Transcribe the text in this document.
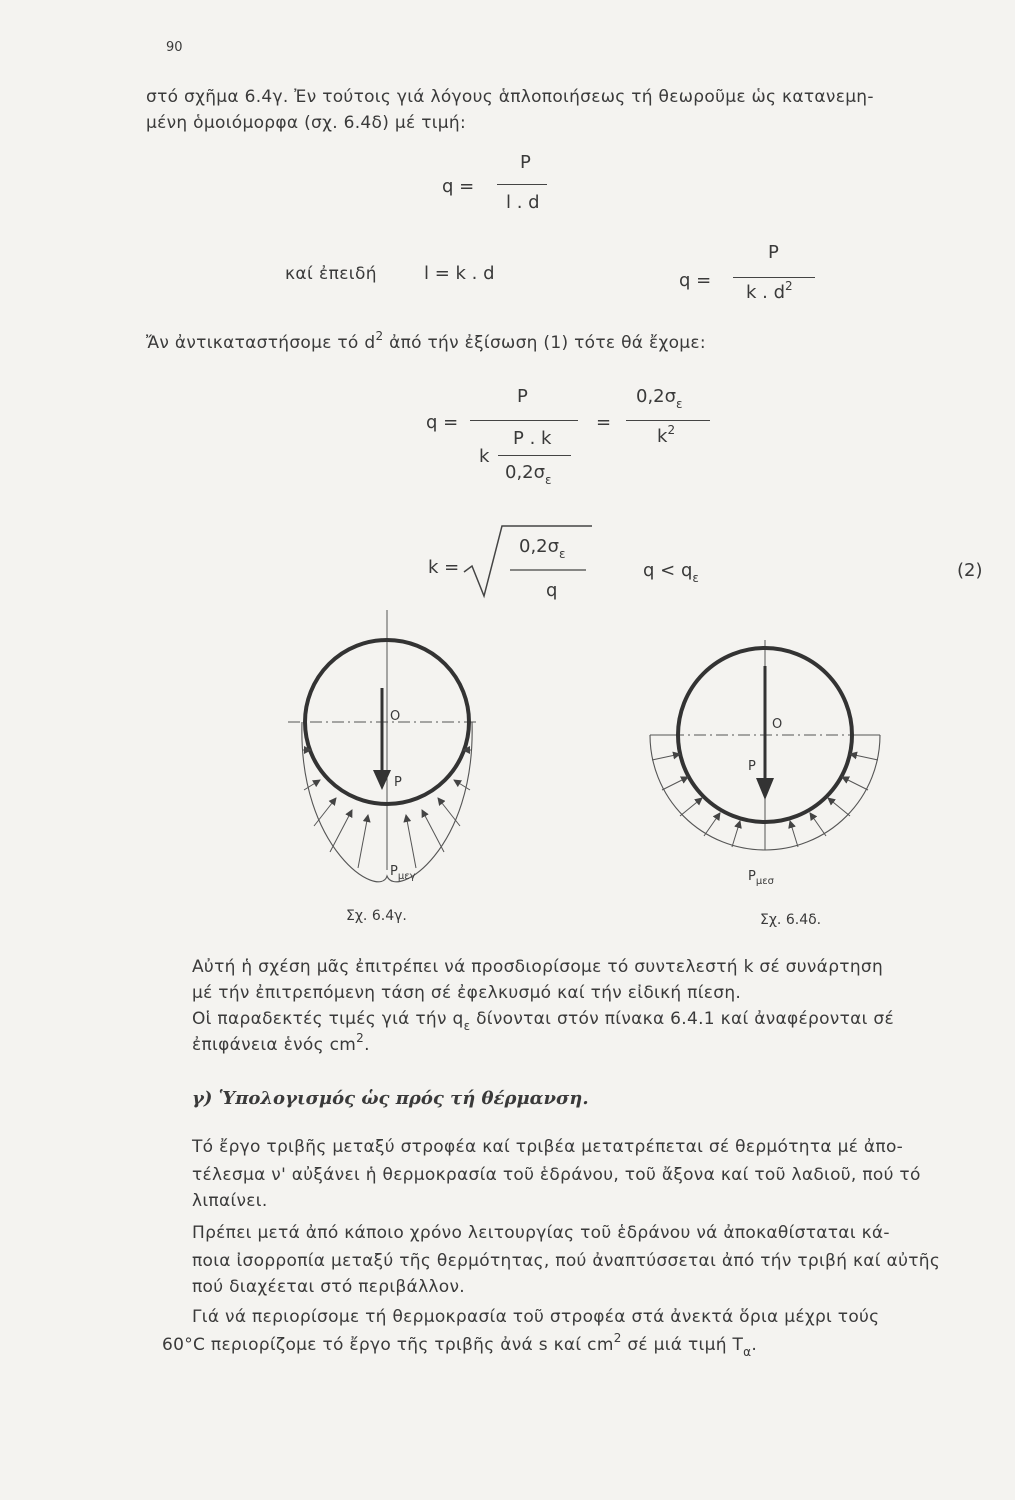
90
στό σχῆμα 6.4γ. Ἐν τούτοις γιά λόγους ἁπλοποιήσεως τή θεωροῦμε ὡς κατανεμη-
μένη ὁμοιόμορφα (σχ. 6.4δ) μέ τιμή:
q =
P
l . d
καί ἐπειδή	l = k . d	q =
P
k . $d^2$
Ἄν ἀντικαταστήσομε τό $d^2$ ἀπό τήν ἐξίσωση (1) τότε θά ἔχομε:
q =
P
k
P . k
$0,2\sigma_\varepsilon$
=
$0,2\sigma_\varepsilon$
$k^2$
k =
$0,2\sigma_\varepsilon$
q
$q < q_\varepsilon$	(2)
O
P
$P_{\mu\varepsilon\gamma}$
Σχ. 6.4γ.
O
P
$P_{\mu\varepsilon\sigma}$
Σχ. 6.4δ.
Αὐτή ἡ σχέση μᾶς ἐπιτρέπει νά προσδιορίσομε τό συντελεστή k σέ συνάρτηση
μέ τήν ἐπιτρεπόμενη τάση σέ ἐφελκυσμό καί τήν εἰδική πίεση.
Οἱ παραδεκτές τιμές γιά τήν $q_\varepsilon$ δίνονται στόν πίνακα 6.4.1 καί ἀναφέρονται σέ
ἐπιφάνεια ἑνός $cm^2$.
γ) Ὑπολογισμός ὡς πρός τή θέρμανση.
Τό ἔργο τριβῆς μεταξύ στροφέα καί τριβέα μετατρέπεται σέ θερμότητα μέ ἀπο-
τέλεσμα ν' αὐξάνει ἡ θερμοκρασία τοῦ ἑδράνου, τοῦ ἄξονα καί τοῦ λαδιοῦ, πού τό
λιπαίνει.
Πρέπει μετά ἀπό κάποιο χρόνο λειτουργίας τοῦ ἑδράνου νά ἀποκαθίσταται κά-
ποια ἰσορροπία μεταξύ τῆς θερμότητας, πού ἀναπτύσσεται ἀπό τήν τριβή καί αὐτῆς
πού διαχέεται στό περιβάλλον.
Γιά νά περιορίσομε τή θερμοκρασία τοῦ στροφέα στά ἀνεκτά ὅρια μέχρι τούς
60°C περιορίζομε τό ἔργο τῆς τριβῆς ἀνά s καί $cm^2$ σέ μιά τιμή $T_\alpha$.
